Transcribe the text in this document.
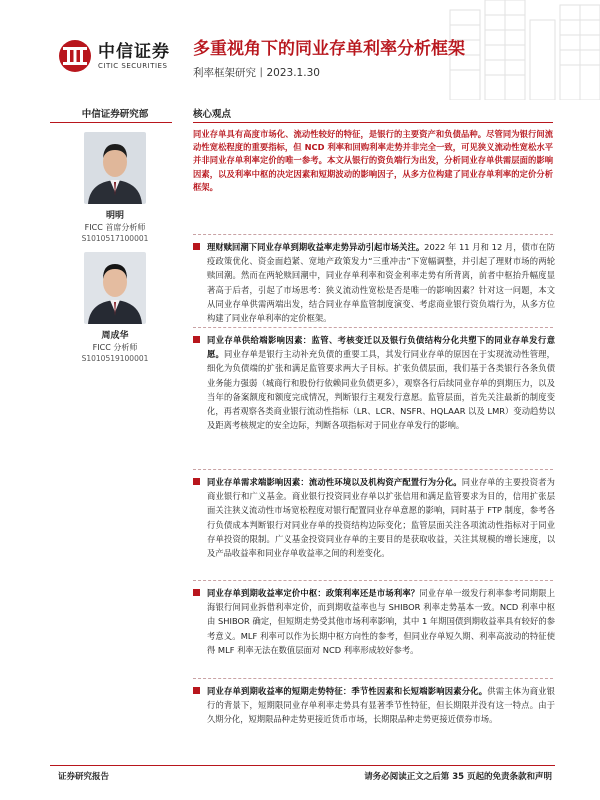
中信证券
CITIC SECURITIES
多重视角下的同业存单利率分析框架
利率框架研究丨2023.1.30
中信证券研究部
明明
FICC 首席分析师
S1010517100001
周成华
FICC 分析师
S1010519100001
核心观点
同业存单具有高度市场化、流动性较好的特征，是银行的主要资产和负债品种。尽管同为银行间流动性宽松程度的重要指标，但 NCD 利率和回购利率走势并非完全一致，可见狭义流动性宽松水平并非同业存单利率定价的唯一参考。本文从银行的资负端行为出发，分析同业存单供需层面的影响因素，以及利率中枢的决定因素和短期波动的影响因子，从多方位构建了同业存单利率的定价分析框架。

理财赎回潮下同业存单到期收益率走势异动引起市场关注。2022 年 11 月和 12 月，债市在防疫政策优化、资金面趋紧、宽地产政策发力“三重冲击”下宽幅调整，并引起了理财市场的两轮赎回潮。然而在两轮赎回潮中，同业存单利率和资金利率走势有所背离，前者中枢抬升幅度显著高于后者，引起了市场思考：狭义流动性宽松是否是唯一的影响因素？针对这一问题，本文从同业存单供需两端出发，结合同业存单监管制度演变、考虑商业银行资负端行为，从多方位构建了同业存单利率的定价框架。

同业存单供给端影响因素：监管、考核变迁以及银行负债结构分化共塑下的同业存单发行意愿。同业存单是银行主动补充负债的重要工具，其发行同业存单的原因在于实现流动性管理，细化为负债端的扩张和满足监管要求两大子目标。扩张负债层面，我们基于各类银行各条负债业务能力强弱（城商行和股份行依赖同业负债更多），观察各行后续同业存单的到期压力，以及当年的备案额度和额度完成情况，判断银行主观发行意愿。监管层面，首先关注最新的制度变化，再者观察各类商业银行流动性指标（LR、LCR、NSFR、HQLAAR 以及 LMR）变动趋势以及距离考核规定的安全边际，判断各项指标对于同业存单发行的影响。

同业存单需求端影响因素：流动性环境以及机构资产配置行为分化。同业存单的主要投资者为商业银行和广义基金。商业银行投资同业存单以扩张信用和满足监管要求为目的，信用扩张层面关注狭义流动性市场宽松程度对银行配置同业存单意愿的影响，同时基于 FTP 制度，参考各行负债成本判断银行对同业存单的投资结构边际变化；监管层面关注各项流动性指标对于同业存单投资的限制。广义基金投资同业存单的主要目的是获取收益，关注其规模的增长速度，以及产品收益率和同业存单收益率之间的利差变化。

同业存单到期收益率定价中枢：政策利率还是市场利率？同业存单一级发行利率参考同期限上海银行间同业拆借利率定价，而到期收益率也与 SHIBOR 利率走势基本一致。NCD 利率中枢由 SHIBOR 确定，但短期走势受其他市场利率影响，其中 1 年期国债到期收益率具有较好的参考意义。MLF 利率可以作为长期中枢方向性的参考，但同业存单短久期、利率高波动的特征使得 MLF 利率无法在数值层面对 NCD 利率形成较好参考。

同业存单到期收益率的短期走势特征：季节性因素和长短端影响因素分化。供需主体为商业银行的背景下，短期限同业存单利率走势具有显著季节性特征，但长期限并没有这一特点。由于久期分化，短期限品种走势更接近货币市场，长期限品种走势更接近债券市场。

证券研究报告	请务必阅读正文之后第 35 页起的免责条款和声明
